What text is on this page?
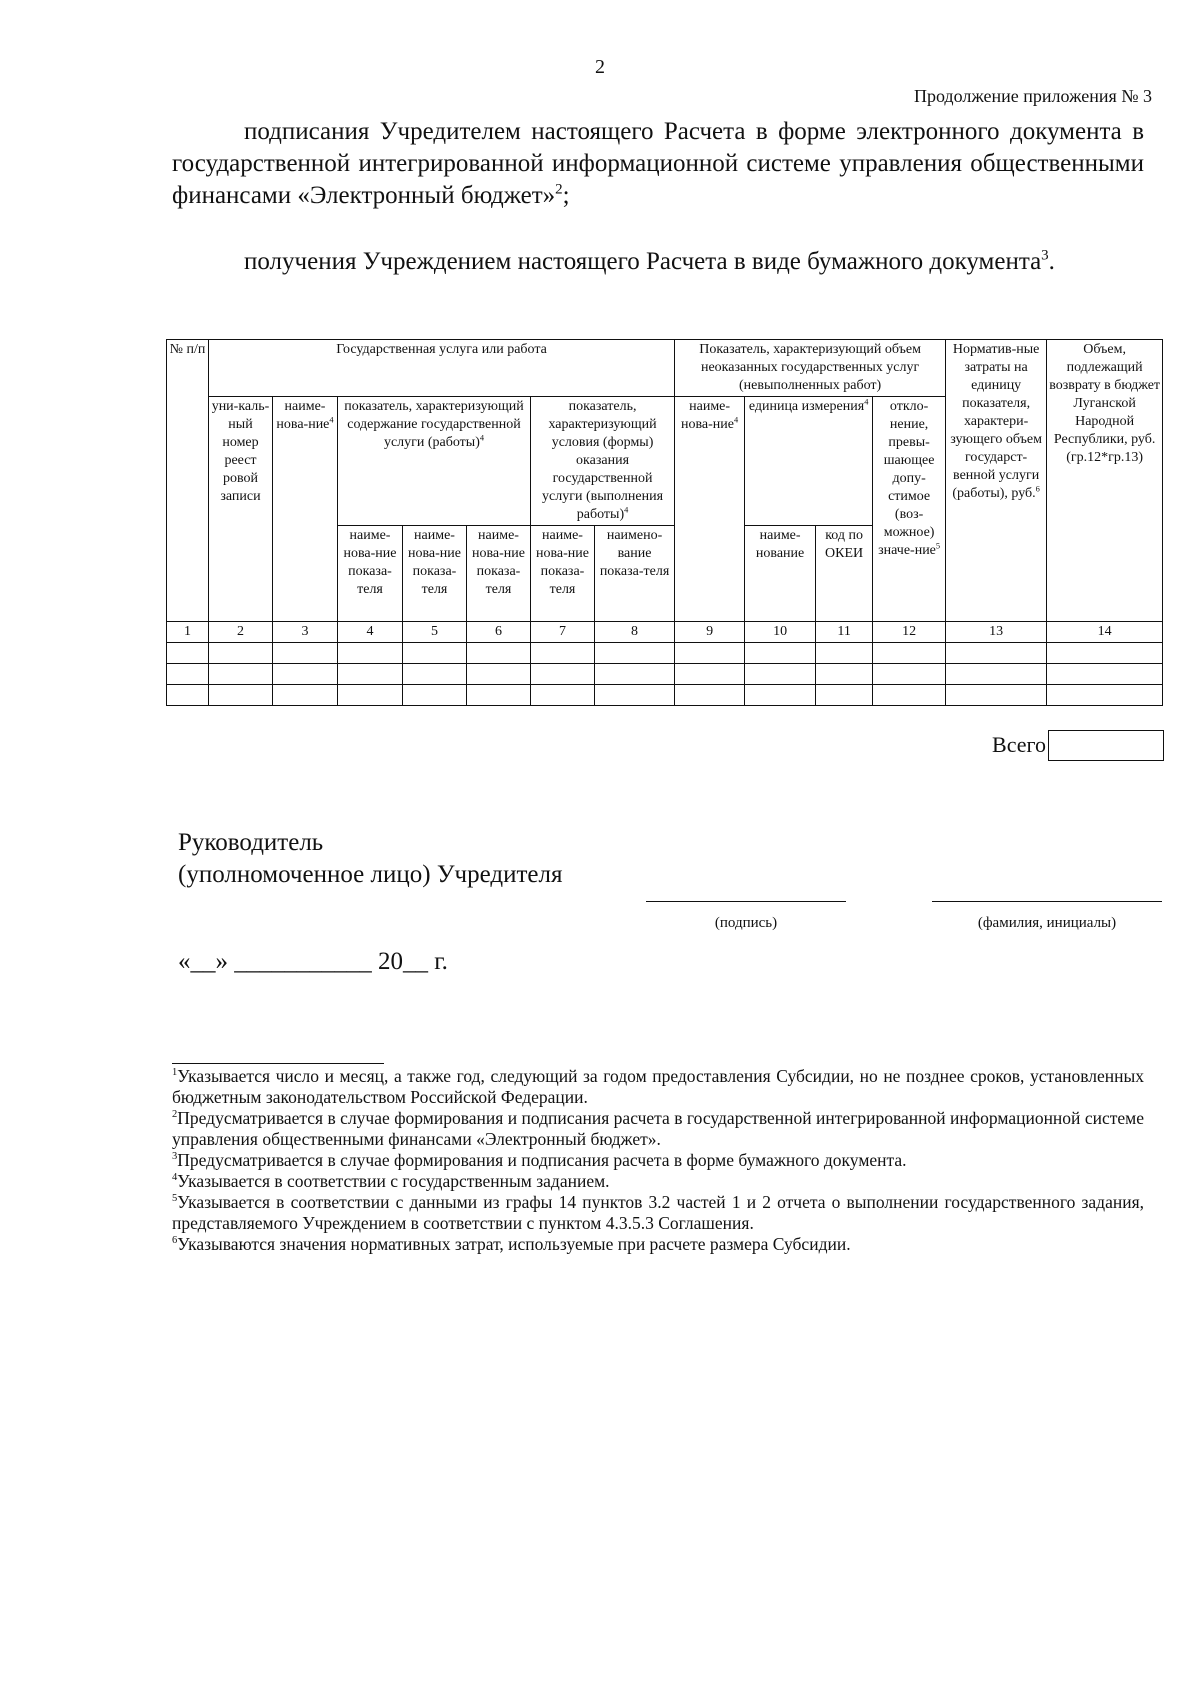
2
Продолжение приложения № 3
подписания Учредителем настоящего Расчета в форме электронного документа в государственной интегрированной информационной системе управления общественными финансами «Электронный бюджет»$^2$;
получения Учреждением настоящего Расчета в виде бумажного документа$^3$.
№ п/п	Государственная услуга или работа							Показатель, характеризующий объем неоказанных государственных услуг (невыполненных работ)				Норматив-ные затраты на единицу показателя, характери-зующего объем государст-венной услуги (работы), руб.$^6$	Объем, подлежащий возврату в бюджет Луганской Народной Республики, руб. (гр.12*гр.13)
	уни-каль-ный номер реест ровой записи	наиме-нова-ние$^4$	показатель, характеризующий содержание государственной услуги (работы)$^4$			показатель, характеризующий условия (формы) оказания государственной услуги (выполнения работы)$^4$		наиме-нова-ние$^4$	единица измерения$^4$		откло-нение, превы-шающее допу-стимое (воз-можное) значе-ние$^5$
			наиме-нова-ние показа-теля	наиме-нова-ние показа-теля	наиме-нова-ние показа-теля	наиме-нова-ние показа-теля	наимено-вание показа-теля		наиме-нование	код по ОКЕИ			
1	2	3	4	5	6	7	8	9	10	11	12	13	14

Всего
Руководитель
(уполномоченное лицо) Учредителя
(подпись)	(фамилия, инициалы)
«__» ___________ 20__ г.

$^1$Указывается число и месяц, а также год, следующий за годом предоставления Субсидии, но не позднее сроков, установленных бюджетным законодательством Российской Федерации.

$^2$Предусматривается в случае формирования и подписания расчета в государственной интегрированной информационной системе управления общественными финансами «Электронный бюджет».

$^3$Предусматривается в случае формирования и подписания расчета в форме бумажного документа.

$^4$Указывается в соответствии с государственным заданием.

$^5$Указывается в соответствии с данными из графы 14 пунктов 3.2 частей 1 и 2 отчета о выполнении государственного задания, представляемого Учреждением в соответствии с пунктом 4.3.5.3 Соглашения.

$^6$Указываются значения нормативных затрат, используемые при расчете размера Субсидии.
